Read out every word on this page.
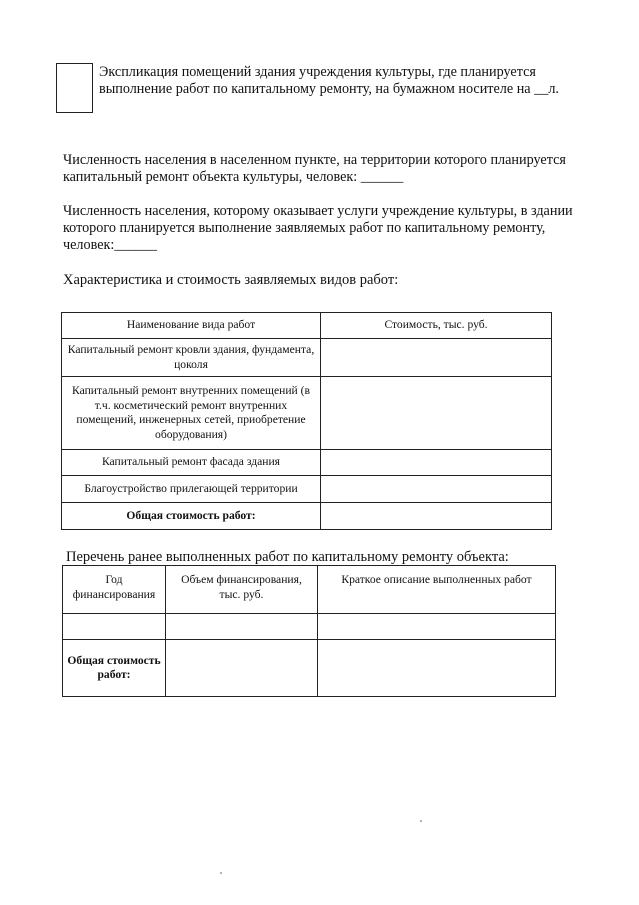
Экспликация помещений здания учреждения культуры, где планируется выполнение работ по капитальному ремонту, на бумажном носителе на __л.

Численность населения в населенном пункте, на территории которого планируется капитальный ремонт объекта культуры, человек: ______

Численность населения, которому оказывает услуги учреждение культуры, в здании которого планируется выполнение заявляемых работ по капитальному ремонту, человек:______

Характеристика и стоимость заявляемых видов работ:

Наименование вида работ	Стоимость, тыс. руб.
Капитальный ремонт кровли здания, фундамента, цоколя	
Капитальный ремонт внутренних помещений (в т.ч. косметический ремонт внутренних помещений, инженерных сетей, приобретение оборудования)	
Капитальный ремонт фасада здания	
Благоустройство прилегающей территории	
Общая стоимость работ:	

Перечень ранее выполненных работ по капитальному ремонту объекта:

Год финансирования	Объем финансирования, тыс. руб.	Краткое описание выполненных работ

Общая стоимость работ:		
